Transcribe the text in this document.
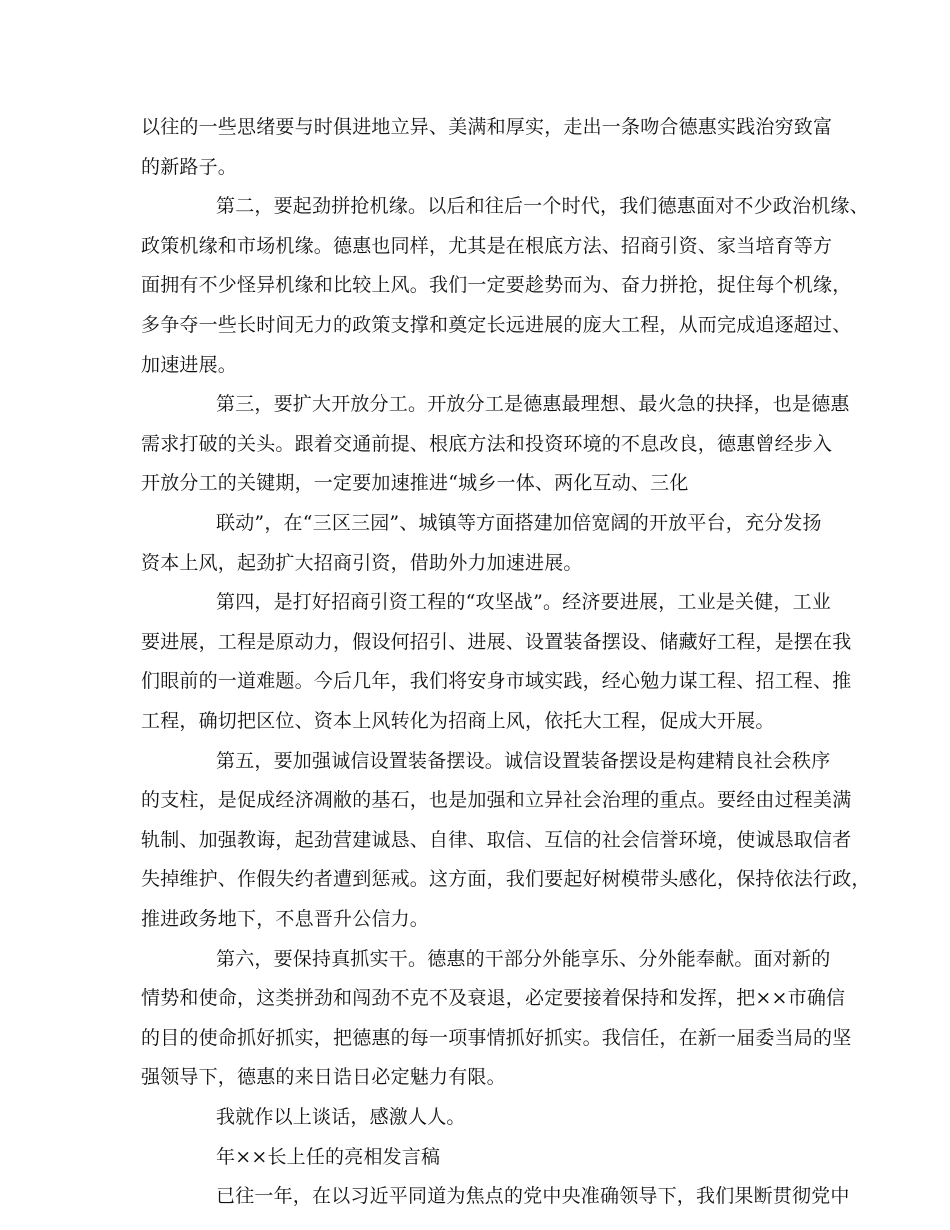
以往的一些思绪要与时俱进地立异、美满和厚实，走出一条吻合德惠实践治穷致富
的新路子。
第二，要起劲拼抢机缘。以后和往后一个时代，我们德惠面对不少政治机缘、
政策机缘和市场机缘。德惠也同样，尤其是在根底方法、招商引资、家当培育等方
面拥有不少怪异机缘和比较上风。我们一定要趁势而为、奋力拼抢，捉住每个机缘，
多争夺一些长时间无力的政策支撑和奠定长远进展的庞大工程，从而完成追逐超过、
加速进展。
第三，要扩大开放分工。开放分工是德惠最理想、最火急的抉择，也是德惠
需求打破的关头。跟着交通前提、根底方法和投资环境的不息改良，德惠曾经步入
开放分工的关键期，一定要加速推进“城乡一体、两化互动、三化
联动”，在“三区三园”、城镇等方面搭建加倍宽阔的开放平台，充分发扬
资本上风，起劲扩大招商引资，借助外力加速进展。
第四，是打好招商引资工程的“攻坚战”。经济要进展，工业是关健，工业
要进展，工程是原动力，假设何招引、进展、设置装备摆设、储藏好工程，是摆在我
们眼前的一道难题。今后几年，我们将安身市域实践，经心勉力谋工程、招工程、推
工程，确切把区位、资本上风转化为招商上风，依托大工程，促成大开展。
第五，要加强诚信设置装备摆设。诚信设置装备摆设是构建精良社会秩序
的支柱，是促成经济凋敝的基石，也是加强和立异社会治理的重点。要经由过程美满
轨制、加强教诲，起劲营建诚恳、自律、取信、互信的社会信誉环境，使诚恳取信者
失掉维护、作假失约者遭到惩戒。这方面，我们要起好树模带头感化，保持依法行政，
推进政务地下，不息晋升公信力。
第六，要保持真抓实干。德惠的干部分外能享乐、分外能奉献。面对新的
情势和使命，这类拼劲和闯劲不克不及衰退，必定要接着保持和发挥，把××市确信
的目的使命抓好抓实，把德惠的每一项事情抓好抓实。我信任，在新一届委当局的坚
强领导下，德惠的来日诰日必定魅力有限。
我就作以上谈话，感激人人。
年××长上任的亮相发言稿
已往一年，在以习近平同道为焦点的党中央准确领导下，我们果断贯彻党中
